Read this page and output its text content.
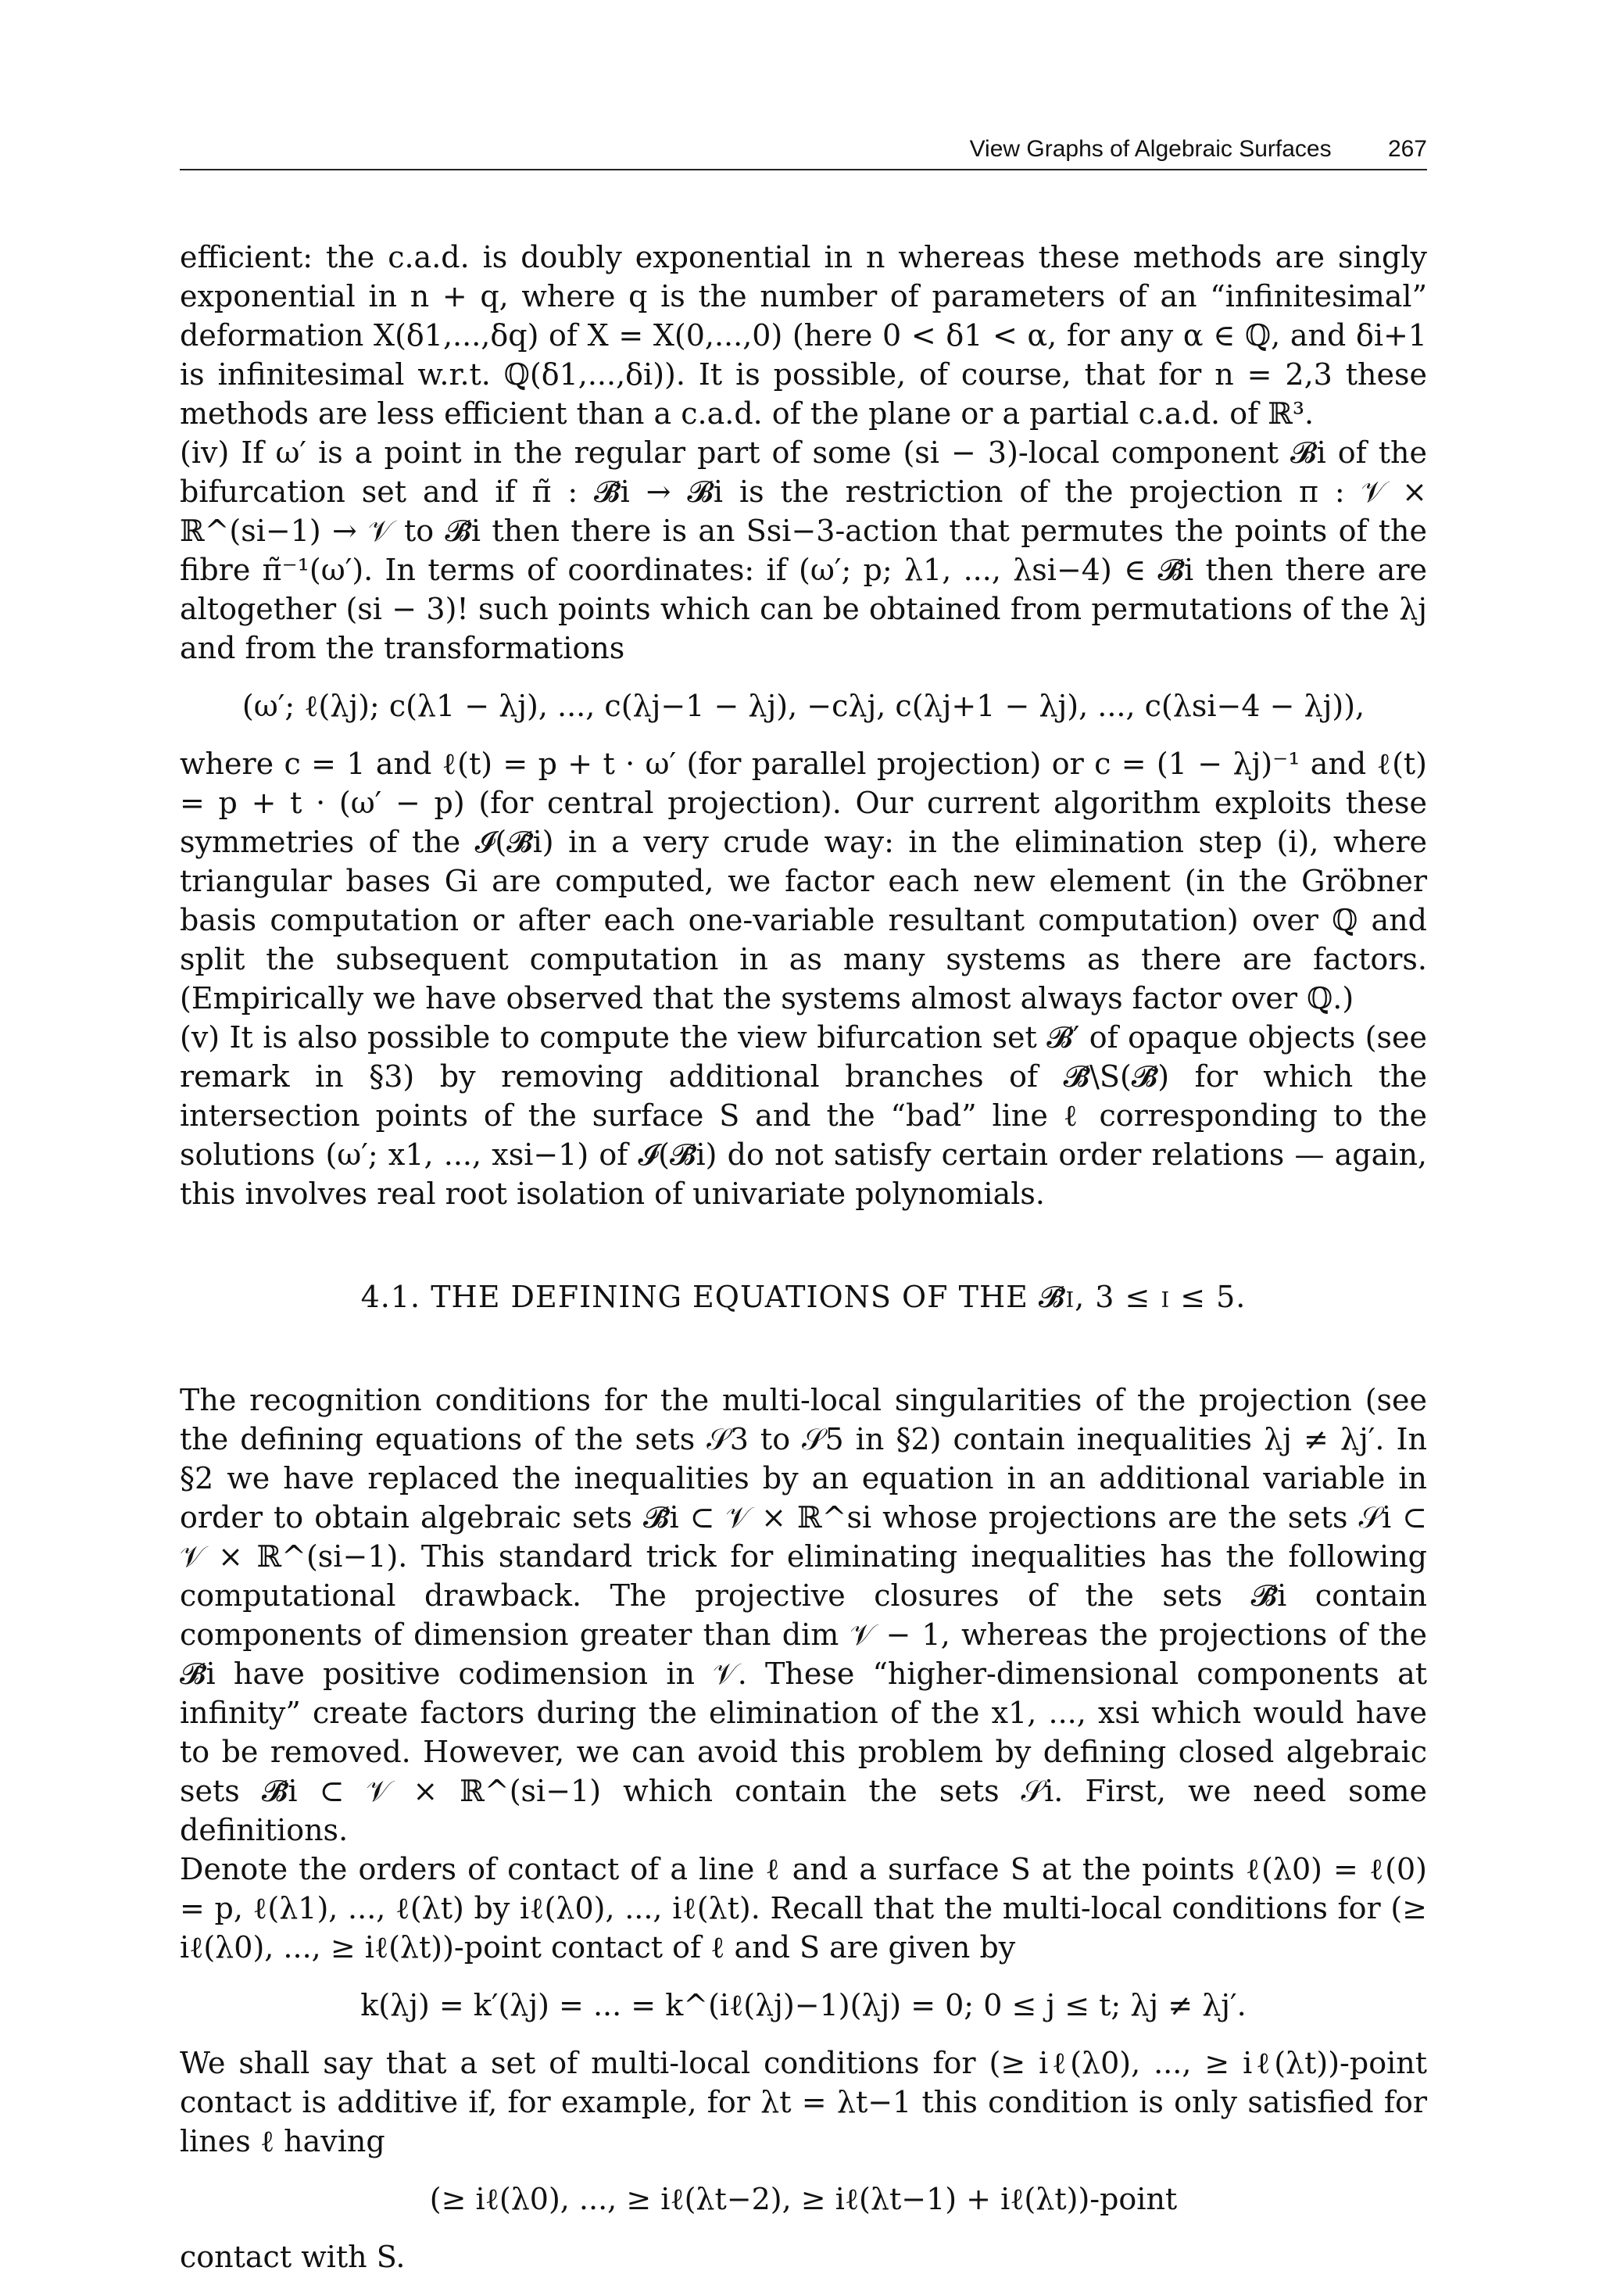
View Graphs of Algebraic Surfaces 267

efficient: the c.a.d. is doubly exponential in n whereas these methods are singly exponential in n + q, where q is the number of parameters of an “infinitesimal” deformation X(δ1,...,δq) of X = X(0,...,0) (here 0 < δ1 < α, for any α ∈ ℚ, and δi+1 is infinitesimal w.r.t. ℚ(δ1,...,δi)). It is possible, of course, that for n = 2,3 these methods are less efficient than a c.a.d. of the plane or a partial c.a.d. of ℝ³.

(iv) If ω′ is a point in the regular part of some (si − 3)-local component 𝓑i of the bifurcation set and if π̃ : 𝓑̃i → 𝓑i is the restriction of the projection π : 𝒱 × ℝ^(si−1) → 𝒱 to 𝓑̃i then there is an Ssi−3-action that permutes the points of the fibre π̃⁻¹(ω′). In terms of coordinates: if (ω′; p; λ1, ..., λsi−4) ∈ 𝓑̃i then there are altogether (si − 3)! such points which can be obtained from permutations of the λj and from the transformations

(ω′; ℓ(λj); c(λ1 − λj), ..., c(λj−1 − λj), −cλj, c(λj+1 − λj), ..., c(λsi−4 − λj)),

where c = 1 and ℓ(t) = p + t · ω′ (for parallel projection) or c = (1 − λj)⁻¹ and ℓ(t) = p + t · (ω′ − p) (for central projection). Our current algorithm exploits these symmetries of the 𝓘(𝓑̃i) in a very crude way: in the elimination step (i), where triangular bases Gi are computed, we factor each new element (in the Gröbner basis computation or after each one-variable resultant computation) over ℚ and split the subsequent computation in as many systems as there are factors. (Empirically we have observed that the systems almost always factor over ℚ.)

(v) It is also possible to compute the view bifurcation set 𝓑′ of opaque objects (see remark in §3) by removing additional branches of 𝓑̃\S(𝓑̃) for which the intersection points of the surface S and the “bad” line ℓ corresponding to the solutions (ω′; x1, ..., xsi−1) of 𝓘(𝓑̃i) do not satisfy certain order relations — again, this involves real root isolation of univariate polynomials.

4.1. THE DEFINING EQUATIONS OF THE 𝓑̃i, 3 ≤ i ≤ 5.

The recognition conditions for the multi-local singularities of the projection (see the defining equations of the sets 𝒮3 to 𝒮5 in §2) contain inequalities λj ≠ λj′. In §2 we have replaced the inequalities by an equation in an additional variable in order to obtain algebraic sets 𝓑̃i ⊂ 𝒱 × ℝ^si whose projections are the sets 𝒮i ⊂ 𝒱 × ℝ^(si−1). This standard trick for eliminating inequalities has the following computational drawback. The projective closures of the sets 𝓑̃i contain components of dimension greater than dim 𝒱 − 1, whereas the projections of the 𝓑̃i have positive codimension in 𝒱. These “higher-dimensional components at infinity” create factors during the elimination of the x1, ..., xsi which would have to be removed. However, we can avoid this problem by defining closed algebraic sets 𝓑̃i ⊂ 𝒱 × ℝ^(si−1) which contain the sets 𝒮i. First, we need some definitions.

Denote the orders of contact of a line ℓ and a surface S at the points ℓ(λ0) = ℓ(0) = p, ℓ(λ1), ..., ℓ(λt) by iℓ(λ0), ..., iℓ(λt). Recall that the multi-local conditions for (≥ iℓ(λ0), ..., ≥ iℓ(λt))-point contact of ℓ and S are given by

k(λj) = k′(λj) = ... = k^(iℓ(λj)−1)(λj) = 0; 0 ≤ j ≤ t; λj ≠ λj′.

We shall say that a set of multi-local conditions for (≥ iℓ(λ0), ..., ≥ iℓ(λt))-point contact is additive if, for example, for λt = λt−1 this condition is only satisfied for lines ℓ having

(≥ iℓ(λ0), ..., ≥ iℓ(λt−2), ≥ iℓ(λt−1) + iℓ(λt))-point

contact with S.
